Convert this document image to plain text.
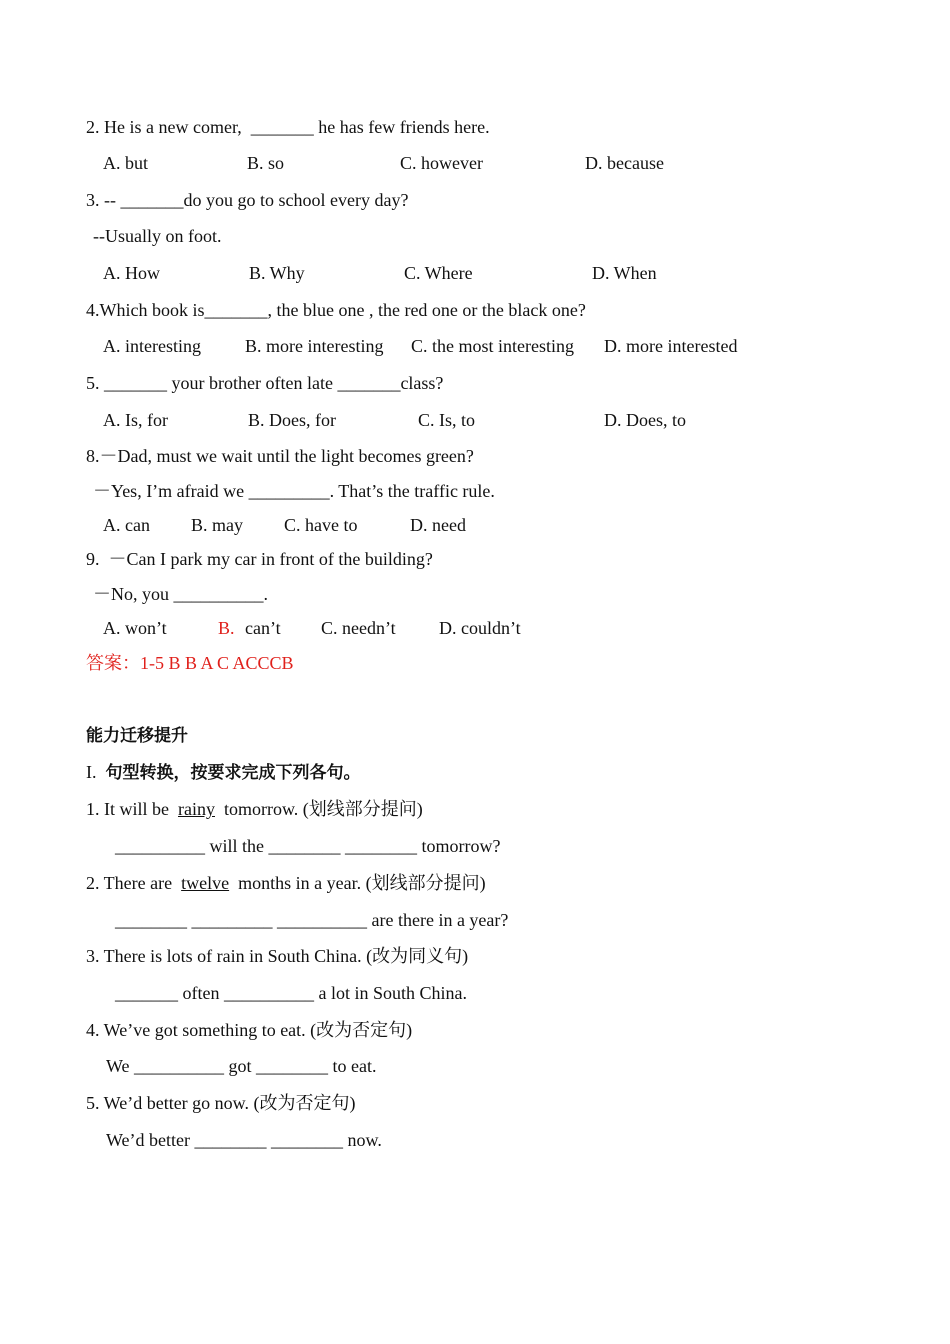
2. He is a new comer,  _______ he has few friends here.
A. but	B. so	C. however	D. because
3. -- _______do you go to school every day?
--Usually on foot.
A. How	B. Why	C. Where	D. When
4.Which book is_______, the blue one , the red one or the black one?
A. interesting B. more interesting C. the most interesting D. more interested
5. _______ your brother often late _______class?
A. Is, for	B. Does, for	C. Is, to	D. Does, to
8.－Dad, must we wait until the light becomes green?
－Yes, I’m afraid we _________. That’s the traffic rule.
A. can B. may C. have to	D. need
9.  －Can I park my car in front of the building?
－No, you __________.
A. won’t	B. can’t C. needn’t D. couldn’t
答案：1-5 B B A C ACCCB
能力迁移提升
I.  句型转换，按要求完成下列各句。
1. It will be  rainy  tomorrow. (划线部分提问)
__________ will the ________ ________ tomorrow?
2. There are  twelve  months in a year. (划线部分提问)
________ _________ __________ are there in a year?
3. There is lots of rain in South China. (改为同义句)
_______ often __________ a lot in South China.
4. We’ve got something to eat. (改为否定句)
We __________ got ________ to eat.
5. We’d better go now. (改为否定句)
We’d better ________ ________ now.
